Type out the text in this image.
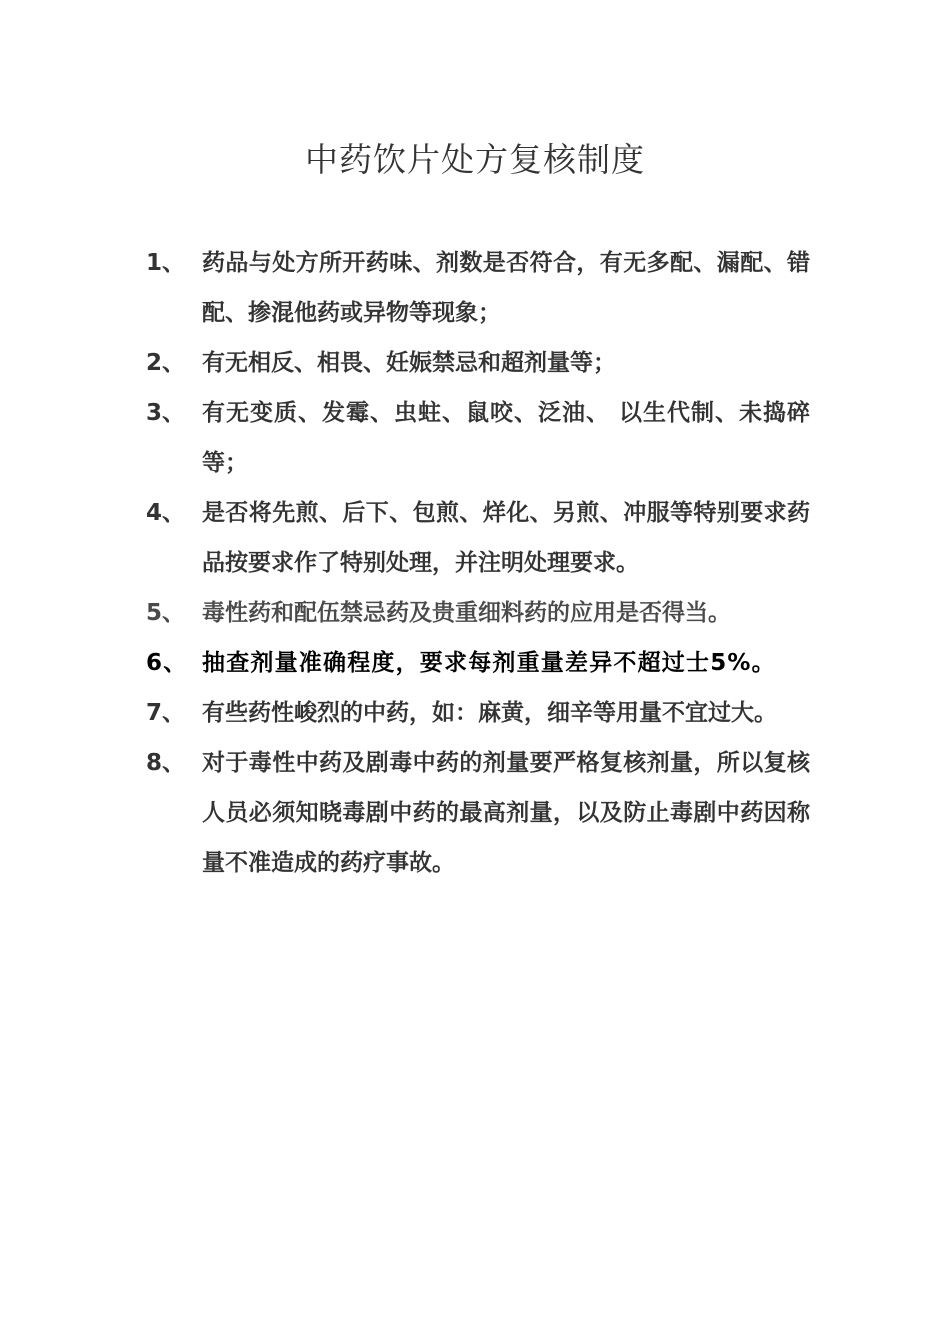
中药饮片处方复核制度
1、 药品与处方所开药味、剂数是否符合，有无多配、漏配、错配、掺混他药或异物等现象；
2、 有无相反、相畏、妊娠禁忌和超剂量等；
3、 有无变质、发霉、虫蛀、鼠咬、泛油、 以生代制、未捣碎等；
4、 是否将先煎、后下、包煎、烊化、另煎、冲服等特别要求药品按要求作了特别处理，并注明处理要求。
5、 毒性药和配伍禁忌药及贵重细料药的应用是否得当。
6、 抽查剂量准确程度，要求每剂重量差异不超过士5%。
7、 有些药性峻烈的中药，如：麻黄，细辛等用量不宜过大。
8、 对于毒性中药及剧毒中药的剂量要严格复核剂量，所以复核人员必须知晓毒剧中药的最高剂量，以及防止毒剧中药因称量不准造成的药疗事故。
